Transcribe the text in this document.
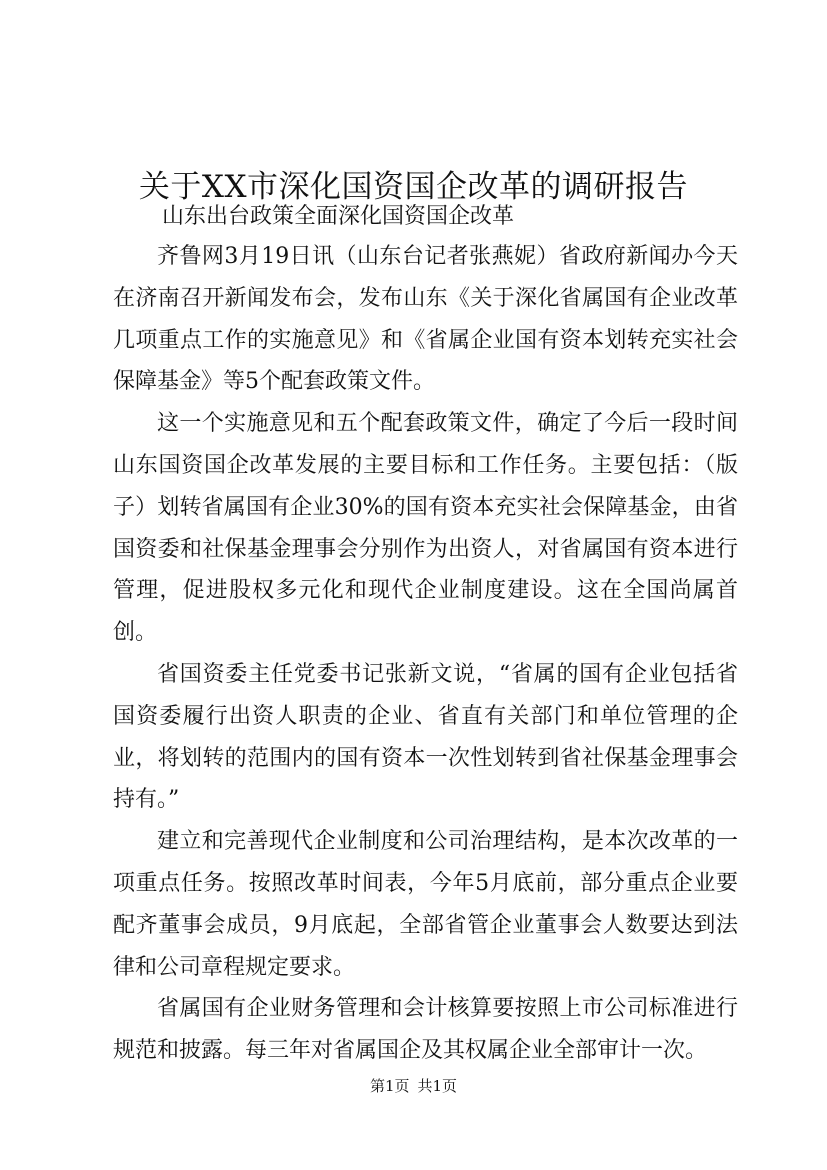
关于XX市深化国资国企改革的调研报告
山东出台政策全面深化国资国企改革

齐鲁网3月19日讯（山东台记者张燕妮）省政府新闻办今天在济南召开新闻发布会，发布山东《关于深化省属国有企业改革几项重点工作的实施意见》和《省属企业国有资本划转充实社会保障基金》等5个配套政策文件。

这一个实施意见和五个配套政策文件，确定了今后一段时间山东国资国企改革发展的主要目标和工作任务。主要包括：（版子）划转省属国有企业30%的国有资本充实社会保障基金，由省国资委和社保基金理事会分别作为出资人，对省属国有资本进行管理，促进股权多元化和现代企业制度建设。这在全国尚属首创。

省国资委主任党委书记张新文说，“省属的国有企业包括省国资委履行出资人职责的企业、省直有关部门和单位管理的企业，将划转的范围内的国有资本一次性划转到省社保基金理事会持有。”

建立和完善现代企业制度和公司治理结构，是本次改革的一项重点任务。按照改革时间表，今年5月底前，部分重点企业要配齐董事会成员，9月底起，全部省管企业董事会人数要达到法律和公司章程规定要求。

省属国有企业财务管理和会计核算要按照上市公司标准进行规范和披露。每三年对省属国企及其权属企业全部审计一次。

第1页 共1页
